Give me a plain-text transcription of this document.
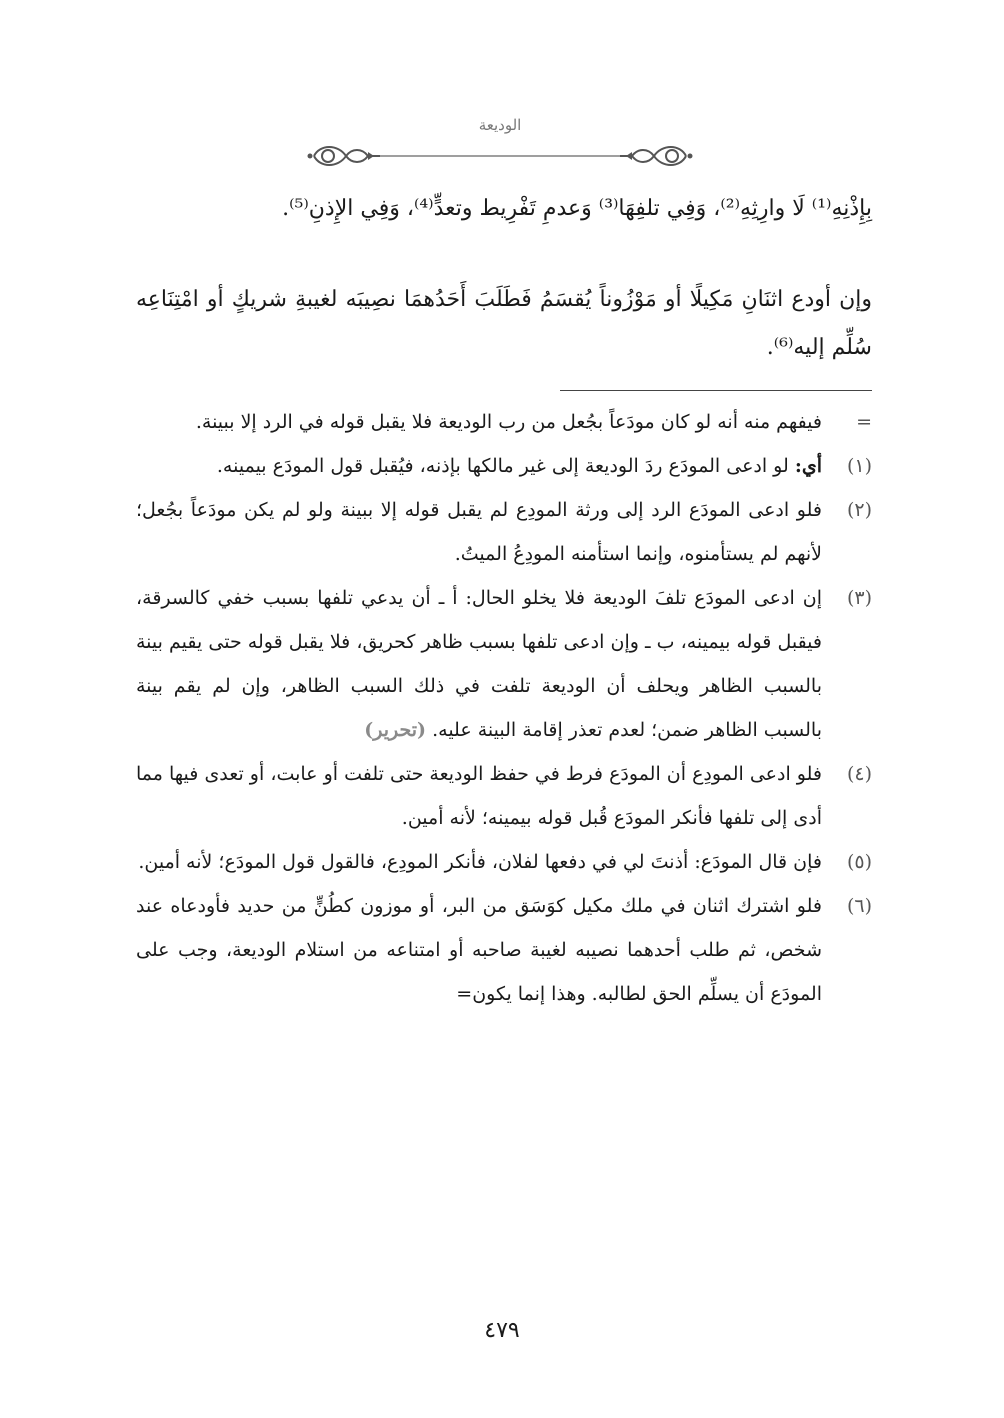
الوديعة
بِإِذْنِهِ⁽¹⁾ لَا وارِثِهِ⁽²⁾، وَفِي تلفِهَا⁽³⁾ وَعدمِ تَفْرِيط وتعدٍّ⁽⁴⁾، وَفِي الإِذنِ⁽⁵⁾.
وإن أودع اثنَانِ مَكِيلًا أو مَوْزُوناً يُقسَمُ فَطَلَبَ أَحَدُهمَا نصِيبَه لغيبةِ شريكٍ أو امْتِنَاعِه سُلِّم إليه⁽⁶⁾.
=
فيفهم منه أنه لو كان مودَعاً بجُعل من رب الوديعة فلا يقبل قوله في الرد إلا ببينة.
(١)
أي: لو ادعى المودَع ردَ الوديعة إلى غير مالكها بإذنه، فيُقبل قول المودَع بيمينه.
(٢)
فلو ادعى المودَع الرد إلى ورثة المودِع لم يقبل قوله إلا ببينة ولو لم يكن مودَعاً بجُعل؛ لأنهم لم يستأمنوه، وإنما استأمنه المودِعُ الميتُ.
(٣)
إن ادعى المودَع تلفَ الوديعة فلا يخلو الحال: أ ـ أن يدعي تلفها بسبب خفي كالسرقة، فيقبل قوله بيمينه، ب ـ وإن ادعى تلفها بسبب ظاهر كحريق، فلا يقبل قوله حتى يقيم بينة بالسبب الظاهر ويحلف أن الوديعة تلفت في ذلك السبب الظاهر، وإن لم يقم بينة بالسبب الظاهر ضمن؛ لعدم تعذر إقامة البينة عليه. (تحرير)
(٤)
فلو ادعى المودِع أن المودَع فرط في حفظ الوديعة حتى تلفت أو عابت، أو تعدى فيها مما أدى إلى تلفها فأنكر المودَع قُبل قوله بيمينه؛ لأنه أمين.
(٥)
فإن قال المودَع: أذنتَ لي في دفعها لفلان، فأنكر المودِع، فالقول قول المودَع؛ لأنه أمين.
(٦)
فلو اشترك اثنان في ملك مكيل كوَسَق من البر، أو موزون كطُنٍّ من حديد فأودعاه عند شخص، ثم طلب أحدهما نصيبه لغيبة صاحبه أو امتناعه من استلام الوديعة، وجب على المودَع أن يسلِّم الحق لطالبه. وهذا إنما يكون=
٤٧٩
